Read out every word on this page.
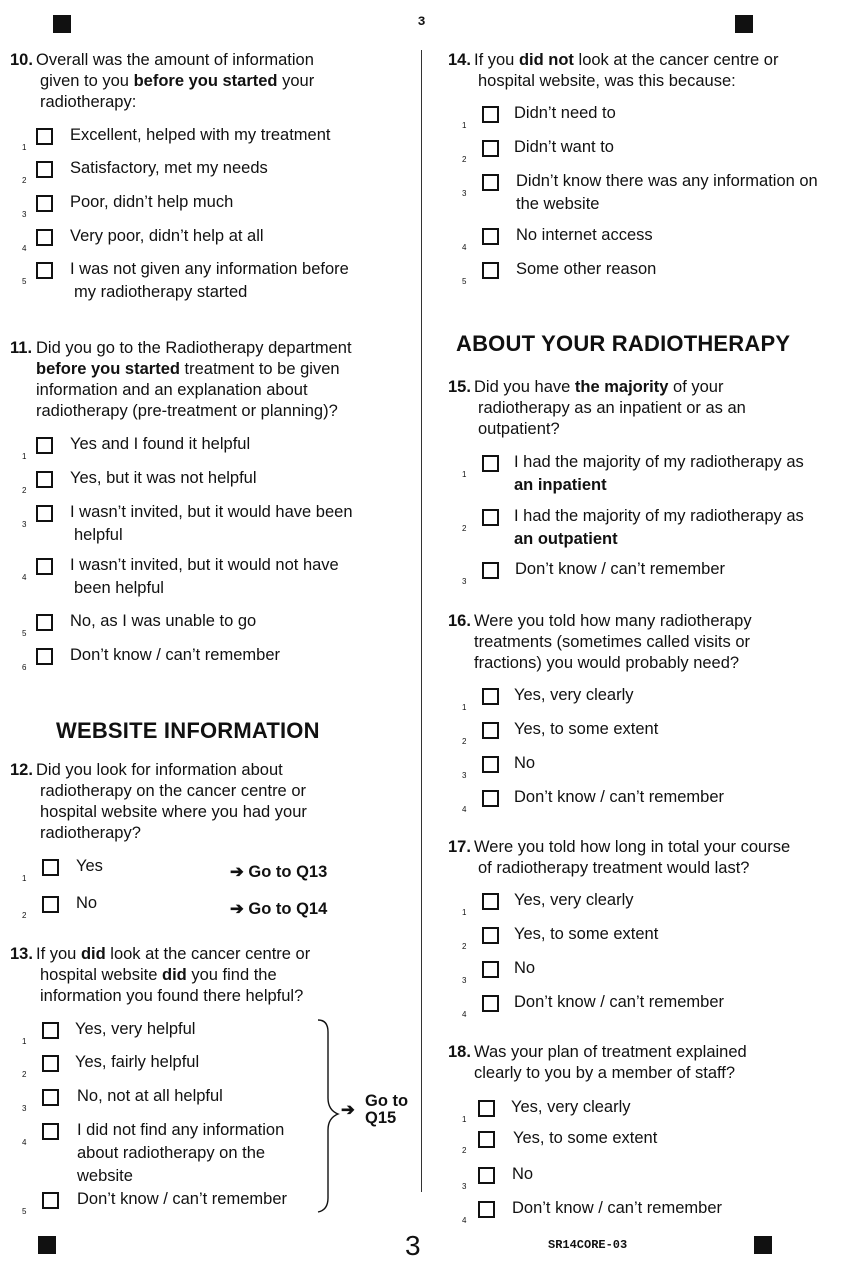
3
3	SR14CORE-03
10. Overall was the amount of information
given to you before you started your
radiotherapy:
1
Excellent, helped with my treatment
2
Satisfactory, met my needs
3
Poor, didn’t help much
4
Very poor, didn’t help at all
5
I was not given any information before
my radiotherapy started
11. Did you go to the Radiotherapy department
before you started treatment to be given
information and an explanation about
radiotherapy (pre-treatment or planning)?
1
Yes and I found it helpful
2
Yes, but it was not helpful
3
I wasn’t invited, but it would have been
helpful
4
I wasn’t invited, but it would not have
been helpful
5
No, as I was unable to go
6
Don’t know / can’t remember
WEBSITE INFORMATION
12. Did you look for information about
radiotherapy on the cancer centre or
hospital website where you had your
radiotherapy?
1
Yes	➔ Go to Q13
2
No	➔ Go to Q14
13. If you did look at the cancer centre or
hospital website did you find the
information you found there helpful?
1
Yes, very helpful
2
Yes, fairly helpful
3
No, not at all helpful
4
I did not find any information
about radiotherapy on the
website
5
Don’t know / can’t remember
➔ Go to
Q15
14. If you did not look at the cancer centre or
hospital website, was this because:
1
Didn’t need to
2
Didn’t want to
3
Didn’t know there was any information on
the website
4
No internet access
5
Some other reason
ABOUT YOUR RADIOTHERAPY
15. Did you have the majority of your
radiotherapy as an inpatient or as an
outpatient?
1
I had the majority of my radiotherapy as
an inpatient
2
I had the majority of my radiotherapy as
an outpatient
3
Don’t know / can’t remember
16. Were you told how many radiotherapy
treatments (sometimes called visits or
fractions) you would probably need?
1
Yes, very clearly
2
Yes, to some extent
3
No
4
Don’t know / can’t remember
17. Were you told how long in total your course
of radiotherapy treatment would last?
1
Yes, very clearly
2
Yes, to some extent
3
No
4
Don’t know / can’t remember
18. Was your plan of treatment explained
clearly to you by a member of staff?
1
Yes, very clearly
2
Yes, to some extent
3
No
4
Don’t know / can’t remember
